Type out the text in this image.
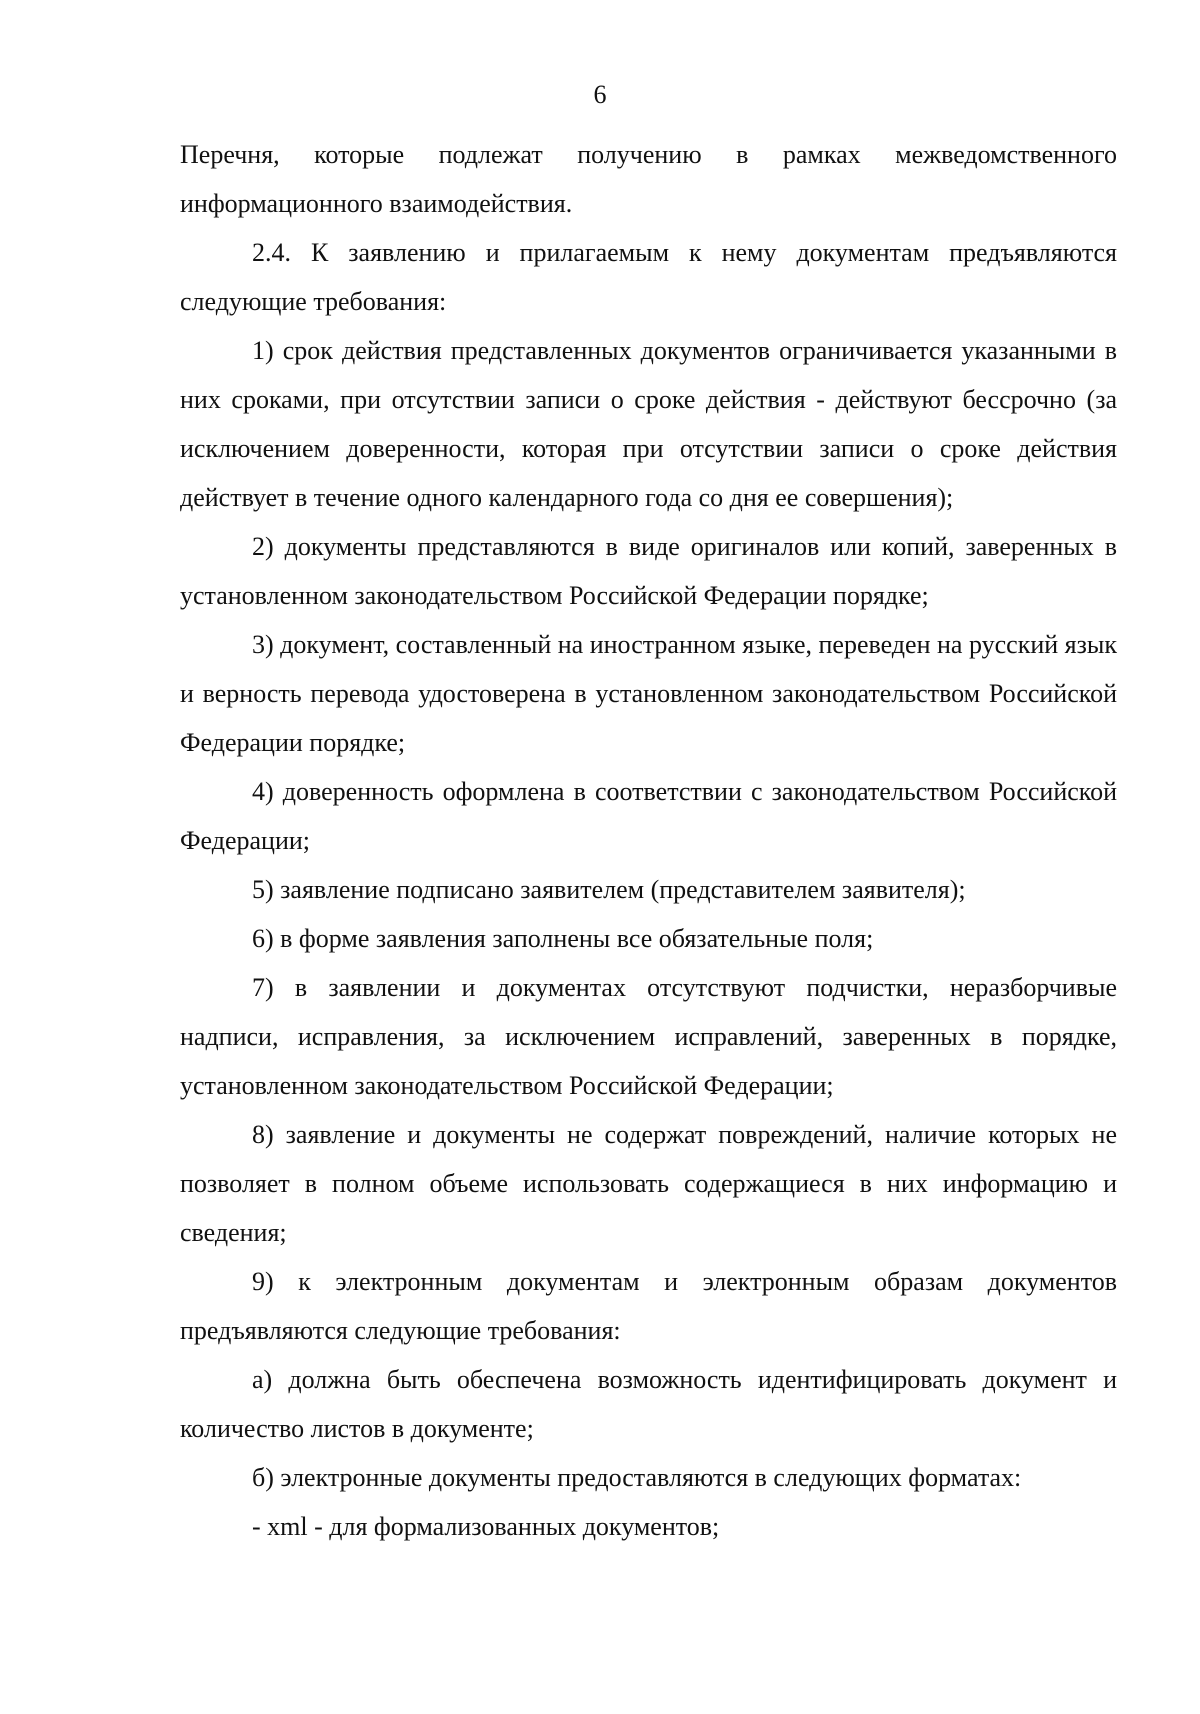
6

Перечня, которые подлежат получению в рамках межведомственного информационного взаимодействия.

2.4. К заявлению и прилагаемым к нему документам предъявляются следующие требования:

1) срок действия представленных документов ограничивается указанными в них сроками, при отсутствии записи о сроке действия - действуют бессрочно (за исключением доверенности, которая при отсутствии записи о сроке действия действует в течение одного календарного года со дня ее совершения);

2) документы представляются в виде оригиналов или копий, заверенных в установленном законодательством Российской Федерации порядке;

3) документ, составленный на иностранном языке, переведен на русский язык и верность перевода удостоверена в установленном законодательством Российской Федерации порядке;

4) доверенность оформлена в соответствии с законодательством Российской Федерации;

5) заявление подписано заявителем (представителем заявителя);

6) в форме заявления заполнены все обязательные поля;

7) в заявлении и документах отсутствуют подчистки, неразборчивые надписи, исправления, за исключением исправлений, заверенных в порядке, установленном законодательством Российской Федерации;

8) заявление и документы не содержат повреждений, наличие которых не позволяет в полном объеме использовать содержащиеся в них информацию и сведения;

9) к электронным документам и электронным образам документов предъявляются следующие требования:

а) должна быть обеспечена возможность идентифицировать документ и количество листов в документе;

б) электронные документы предоставляются в следующих форматах:

- xml - для формализованных документов;
